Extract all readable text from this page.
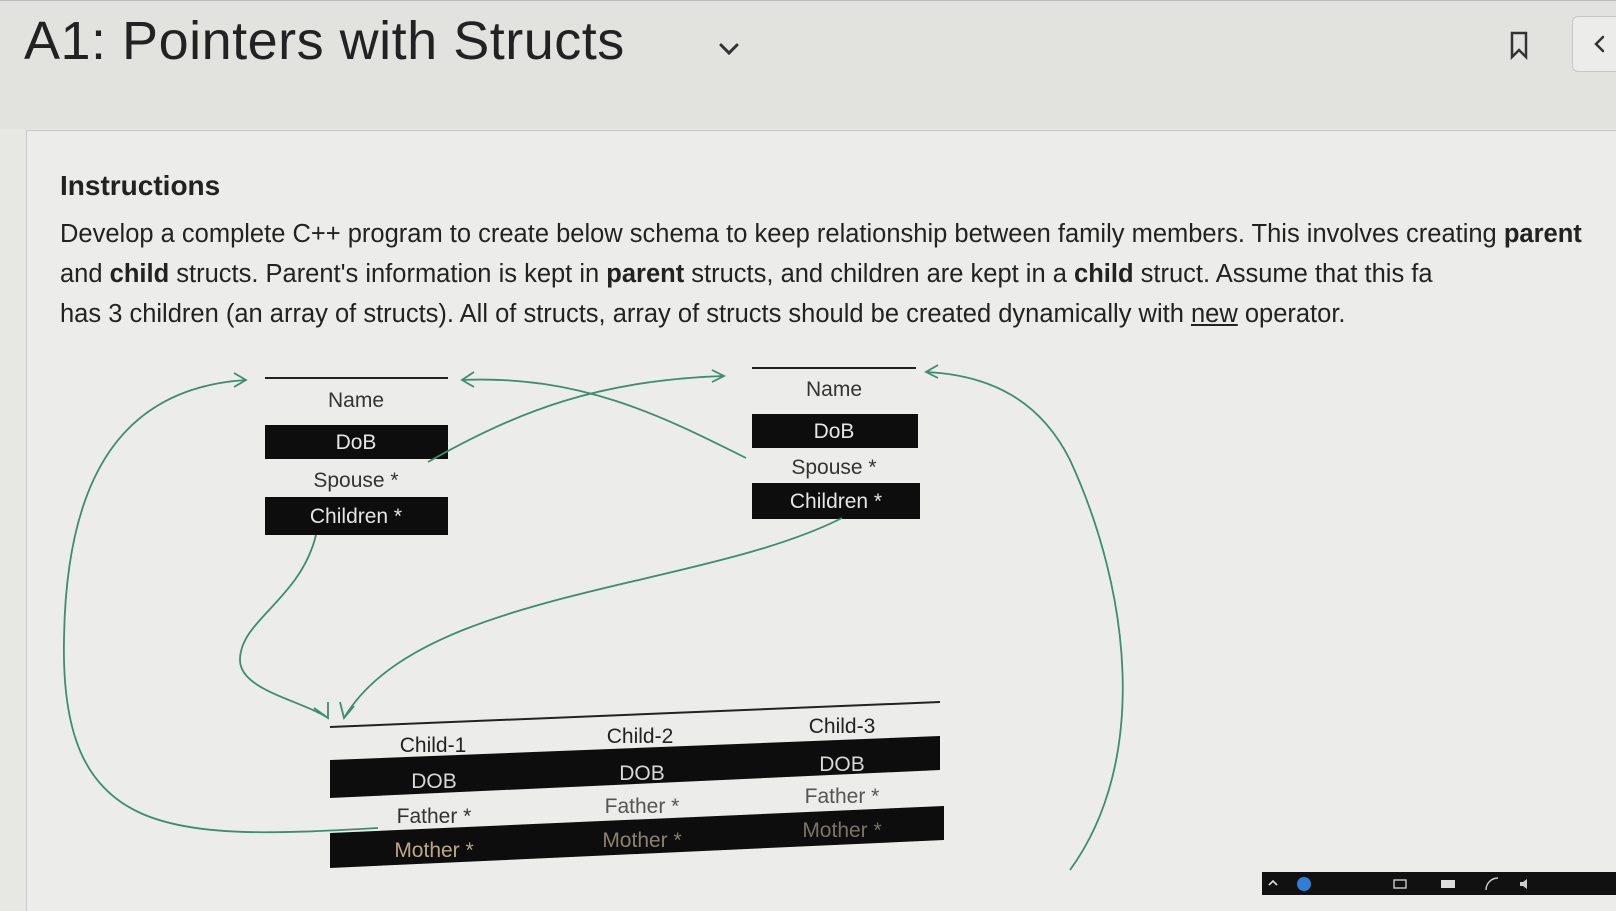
A1: Pointers with Structs
Instructions

Develop a complete C++ program to create below schema to keep relationship between family members. This involves creating parent and child structs. Parent's information is kept in parent structs, and children are kept in a child struct. Assume that this fa
has 3 children (an array of structs). All of structs, array of structs should be created dynamically with new operator.

Name
DoB
Spouse *
Children *
Name
DoB
Spouse *
Children *
Child-1	Child-2	Child-3
DOB	DOB	DOB
Father *	Father *	Father *
Mother *	Mother *	Mother *
